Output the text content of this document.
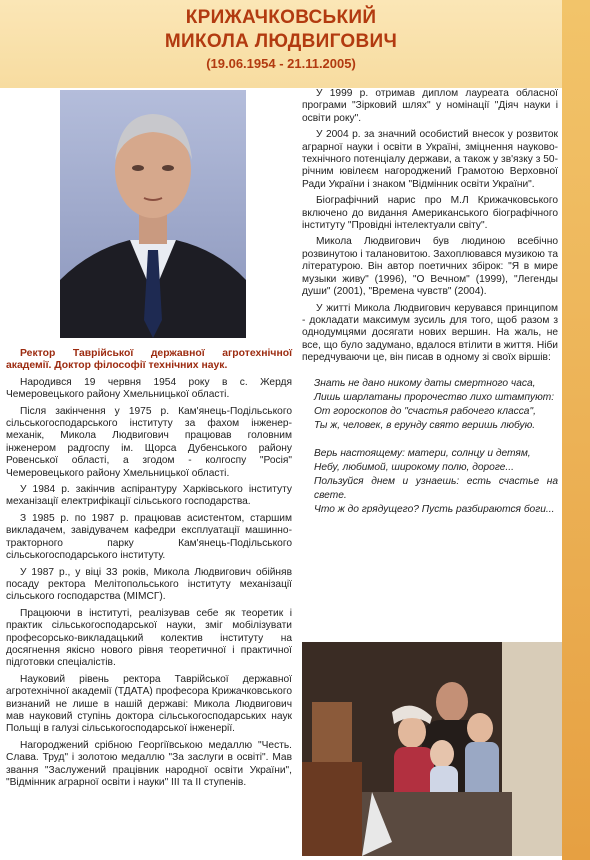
КРИЖАЧКОВСЬКИЙ
МИКОЛА ЛЮДВИГОВИЧ
(19.06.1954 - 21.11.2005)

Ректор Таврійської державної агротехнічної академії. Доктор філософії технічних наук.

Народився 19 червня 1954 року в с. Жердя Чемеровецького району Хмельницької області.

Після закінчення у 1975 р. Кам'янець-Подільського сільськогосподарського інституту за фахом інженер-механік, Микола Людвигович працював головним інженером радгоспу ім. Щорса Дубенського району Ровенської області, а згодом - колгоспу "Росія" Чемеровецького району Хмельницької області.

У 1984 р. закінчив аспірантуру Харківського інституту механізації електрифікації сільського господарства.

З 1985 р. по 1987 р. працював асистентом, старшим викладачем, завідувачем кафедри експлуатації машинно-тракторного парку Кам'янець-Подільського сільськогосподарського інституту.

У 1987 р., у віці 33 років, Микола Людвигович обійняв посаду ректора Мелітопольського інституту механізації сільського господарства (МІМСГ).

Працюючи в інституті, реалізував себе як теоретик і практик сільськогосподарської науки, зміг мобілізувати професорсько-викладацький колектив інституту на досягнення якісно нового рівня теоретичної і практичної підготовки спеціалістів.

Науковий рівень ректора Таврійської державної агротехнічної академії (ТДАТА) професора Крижачковського визнаний не лише в нашій державі: Микола Людвигович мав науковий ступінь доктора сільськогосподарських наук Польщі в галузі сільськогосподарської інженерії.

Нагороджений срібною Георгіївською медаллю "Честь. Слава. Труд" і золотою медаллю "За заслуги в освіті". Мав звання "Заслужений працівник народної освіти України", "Відмінник аграрної освіти і науки" III та II ступенів.

У 1999 р. отримав диплом лауреата обласної програми "Зірковий шлях" у номінації "Діяч науки і освіти року".

У 2004 р. за значний особистий внесок у розвиток аграрної науки і освіти в Україні, зміцнення науково-технічного потенціалу держави, а також у зв'язку з 50-річним ювілеєм нагороджений Грамотою Верховної Ради України і знаком "Відмінник освіти України".

Біографічний нарис про М.Л Крижачковського включено до видання Американського біографічного інституту "Провідні інтелектуали світу".

Микола Людвигович був людиною всебічно розвинутою і талановитою. Захоплювався музикою та літературою. Він автор поетичних збірок: "Я в мире музыки живу" (1996), "О Вечном" (1999), "Легенды души" (2001), "Времена чувств" (2004).

У житті Микола Людвигович керувався принципом - докладати максимум зусиль для того, щоб разом з однодумцями досягати нових вершин. На жаль, не все, що було задумано, вдалося втілити в життя. Ніби передчуваючи це, він писав в одному зі своїх віршів:

Знать не дано никому даты смертного часа,
Лишь шарлатаны пророчество лихо штампуют:
От гороскопов до "счастья рабочего класса",
Ты ж, человек, в ерунду свято веришь любую.
Верь настоящему: матери, солнцу и детям,
Небу, любимой, широкому полю, дороге...
Пользуйся днем и узнаешь: есть счастье на свете.
Что ж до грядущего? Пусть разбираются боги...
